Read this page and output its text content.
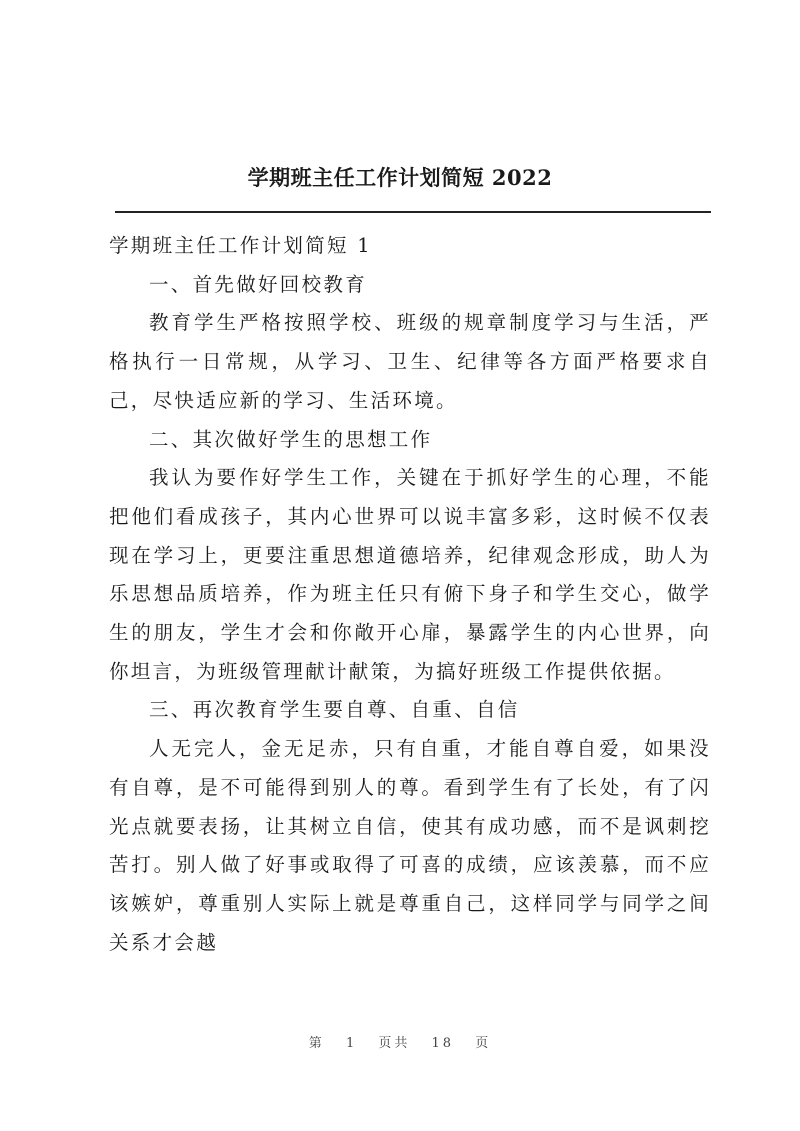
学期班主任工作计划简短 2022

学期班主任工作计划简短 1

一、首先做好回校教育

教育学生严格按照学校、班级的规章制度学习与生活，严格执行一日常规，从学习、卫生、纪律等各方面严格要求自己，尽快适应新的学习、生活环境。

二、其次做好学生的思想工作

我认为要作好学生工作，关键在于抓好学生的心理，不能把他们看成孩子，其内心世界可以说丰富多彩，这时候不仅表现在学习上，更要注重思想道德培养，纪律观念形成，助人为乐思想品质培养，作为班主任只有俯下身子和学生交心，做学生的朋友，学生才会和你敞开心扉，暴露学生的内心世界，向你坦言，为班级管理献计献策，为搞好班级工作提供依据。

三、再次教育学生要自尊、自重、自信

人无完人，金无足赤，只有自重，才能自尊自爱，如果没有自尊，是不可能得到别人的尊。看到学生有了长处，有了闪光点就要表扬，让其树立自信，使其有成功感，而不是讽刺挖苦打。别人做了好事或取得了可喜的成绩，应该羡慕，而不应该嫉妒，尊重别人实际上就是尊重自己，这样同学与同学之间关系才会越

第 1 页共 18 页
